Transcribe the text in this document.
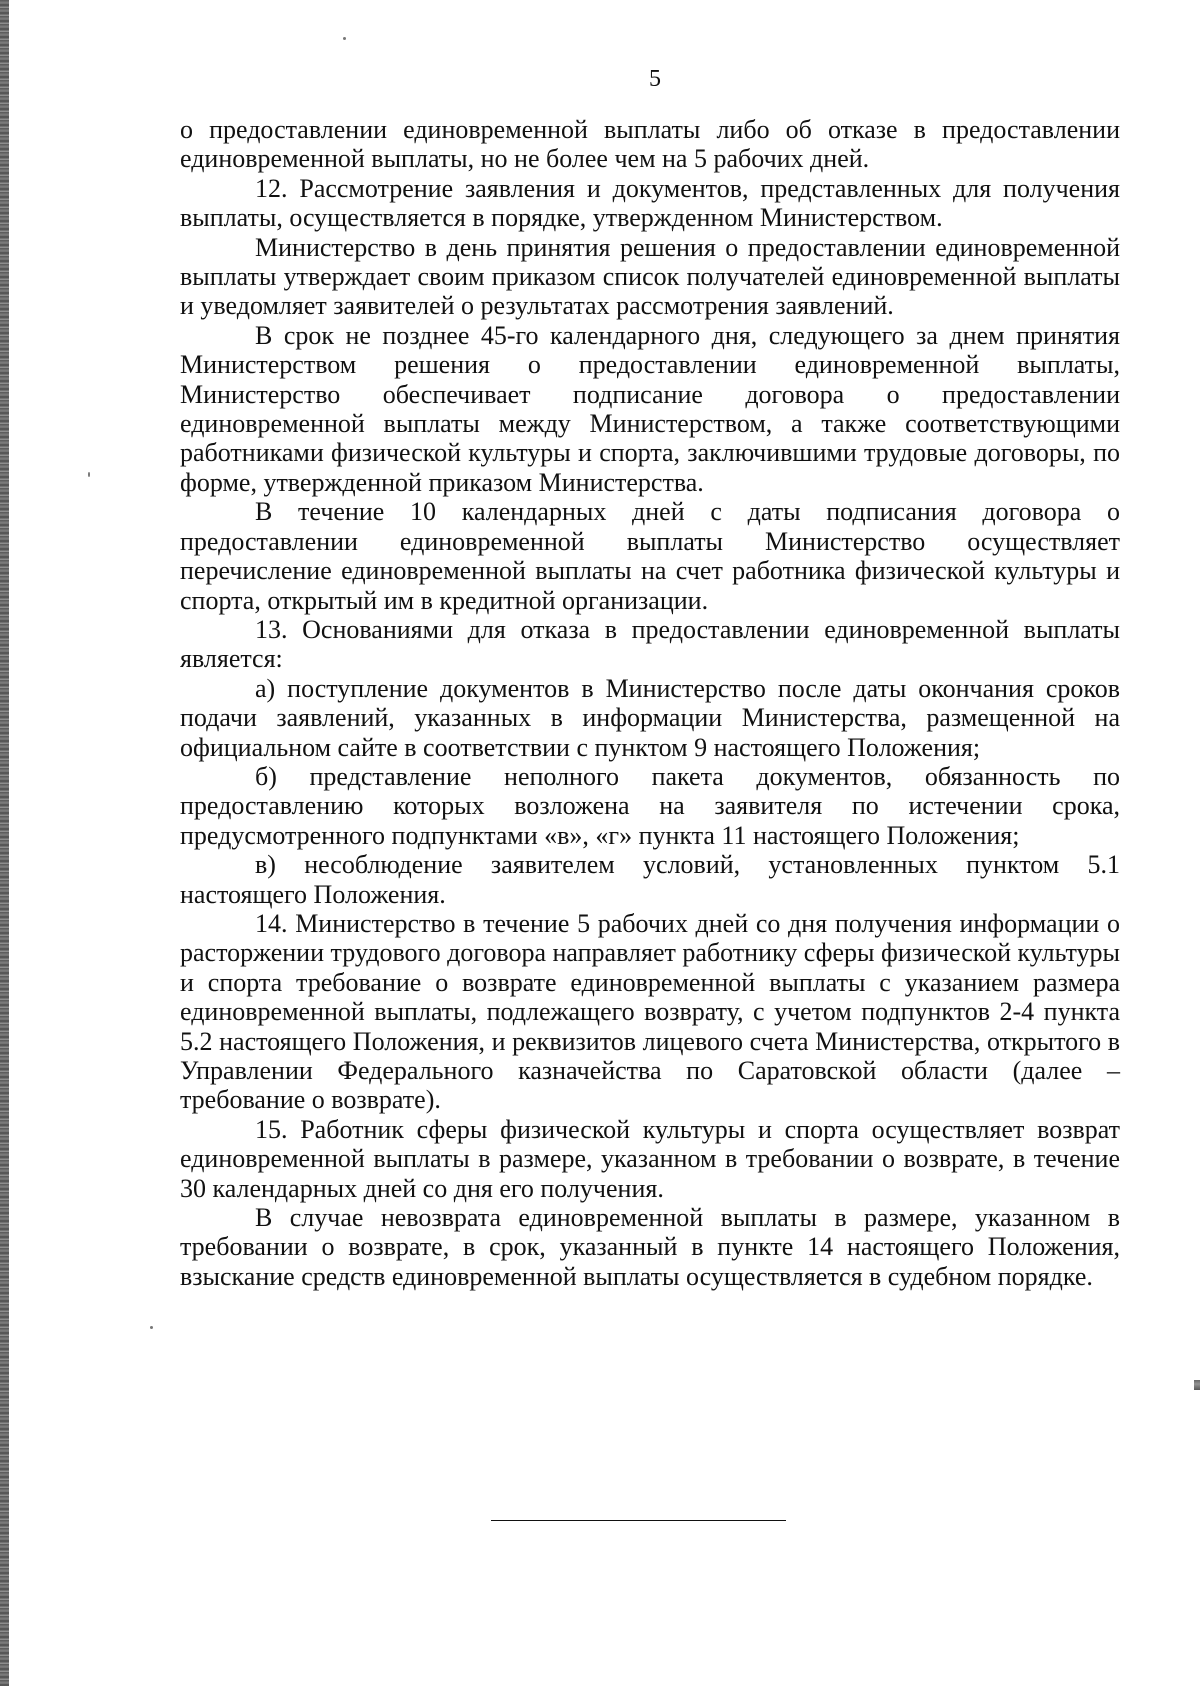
5

о предоставлении единовременной выплаты либо об отказе в предоставлении единовременной выплаты, но не более чем на 5 рабочих дней.

12. Рассмотрение заявления и документов, представленных для получения выплаты, осуществляется в порядке, утвержденном Министерством.

Министерство в день принятия решения о предоставлении единовременной выплаты утверждает своим приказом список получателей единовременной выплаты и уведомляет заявителей о результатах рассмотрения заявлений.

В срок не позднее 45-го календарного дня, следующего за днем принятия Министерством решения о предоставлении единовременной выплаты, Министерство обеспечивает подписание договора о предоставлении единовременной выплаты между Министерством, а также соответствующими работниками физической культуры и спорта, заключившими трудовые договоры, по форме, утвержденной приказом Министерства.

В течение 10 календарных дней с даты подписания договора о предоставлении единовременной выплаты Министерство осуществляет перечисление единовременной выплаты на счет работника физической культуры и спорта, открытый им в кредитной организации.

13. Основаниями для отказа в предоставлении единовременной выплаты является:

а) поступление документов в Министерство после даты окончания сроков подачи заявлений, указанных в информации Министерства, размещенной на официальном сайте в соответствии с пунктом 9 настоящего Положения;

б) представление неполного пакета документов, обязанность по предоставлению которых возложена на заявителя по истечении срока, предусмотренного подпунктами «в», «г» пункта 11 настоящего Положения;

в) несоблюдение заявителем условий, установленных пунктом 5.1 настоящего Положения.

14. Министерство в течение 5 рабочих дней со дня получения информации о расторжении трудового договора направляет работнику сферы физической культуры и спорта требование о возврате единовременной выплаты с указанием размера единовременной выплаты, подлежащего возврату, с учетом подпунктов 2-4 пункта 5.2 настоящего Положения, и реквизитов лицевого счета Министерства, открытого в Управлении Федерального казначейства по Саратовской области (далее – требование о возврате).

15. Работник сферы физической культуры и спорта осуществляет возврат единовременной выплаты в размере, указанном в требовании о возврате, в течение 30 календарных дней со дня его получения.

В случае невозврата единовременной выплаты в размере, указанном в требовании о возврате, в срок, указанный в пункте 14 настоящего Положения, взыскание средств единовременной выплаты осуществляется в судебном порядке.
